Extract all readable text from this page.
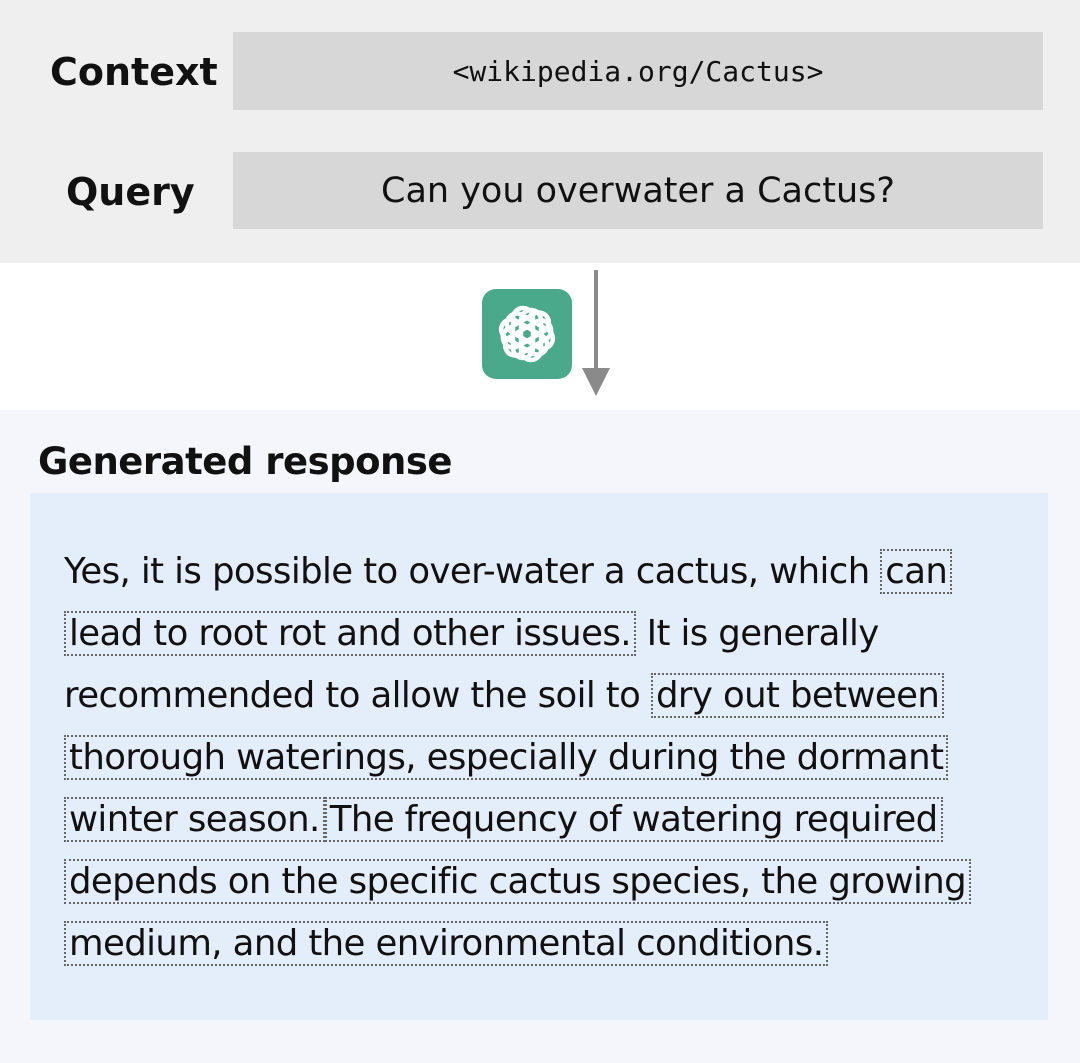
Context	<wikipedia.org/Cactus>
Query	Can you overwater a Cactus?
Generated response
Yes, it is possible to over-water a cactus, which can
lead to root rot and other issues. It is generally
recommended to allow the soil to dry out between
thorough waterings, especially during the dormant
winter season. The frequency of watering required
depends on the specific cactus species, the growing
medium, and the environmental conditions.
